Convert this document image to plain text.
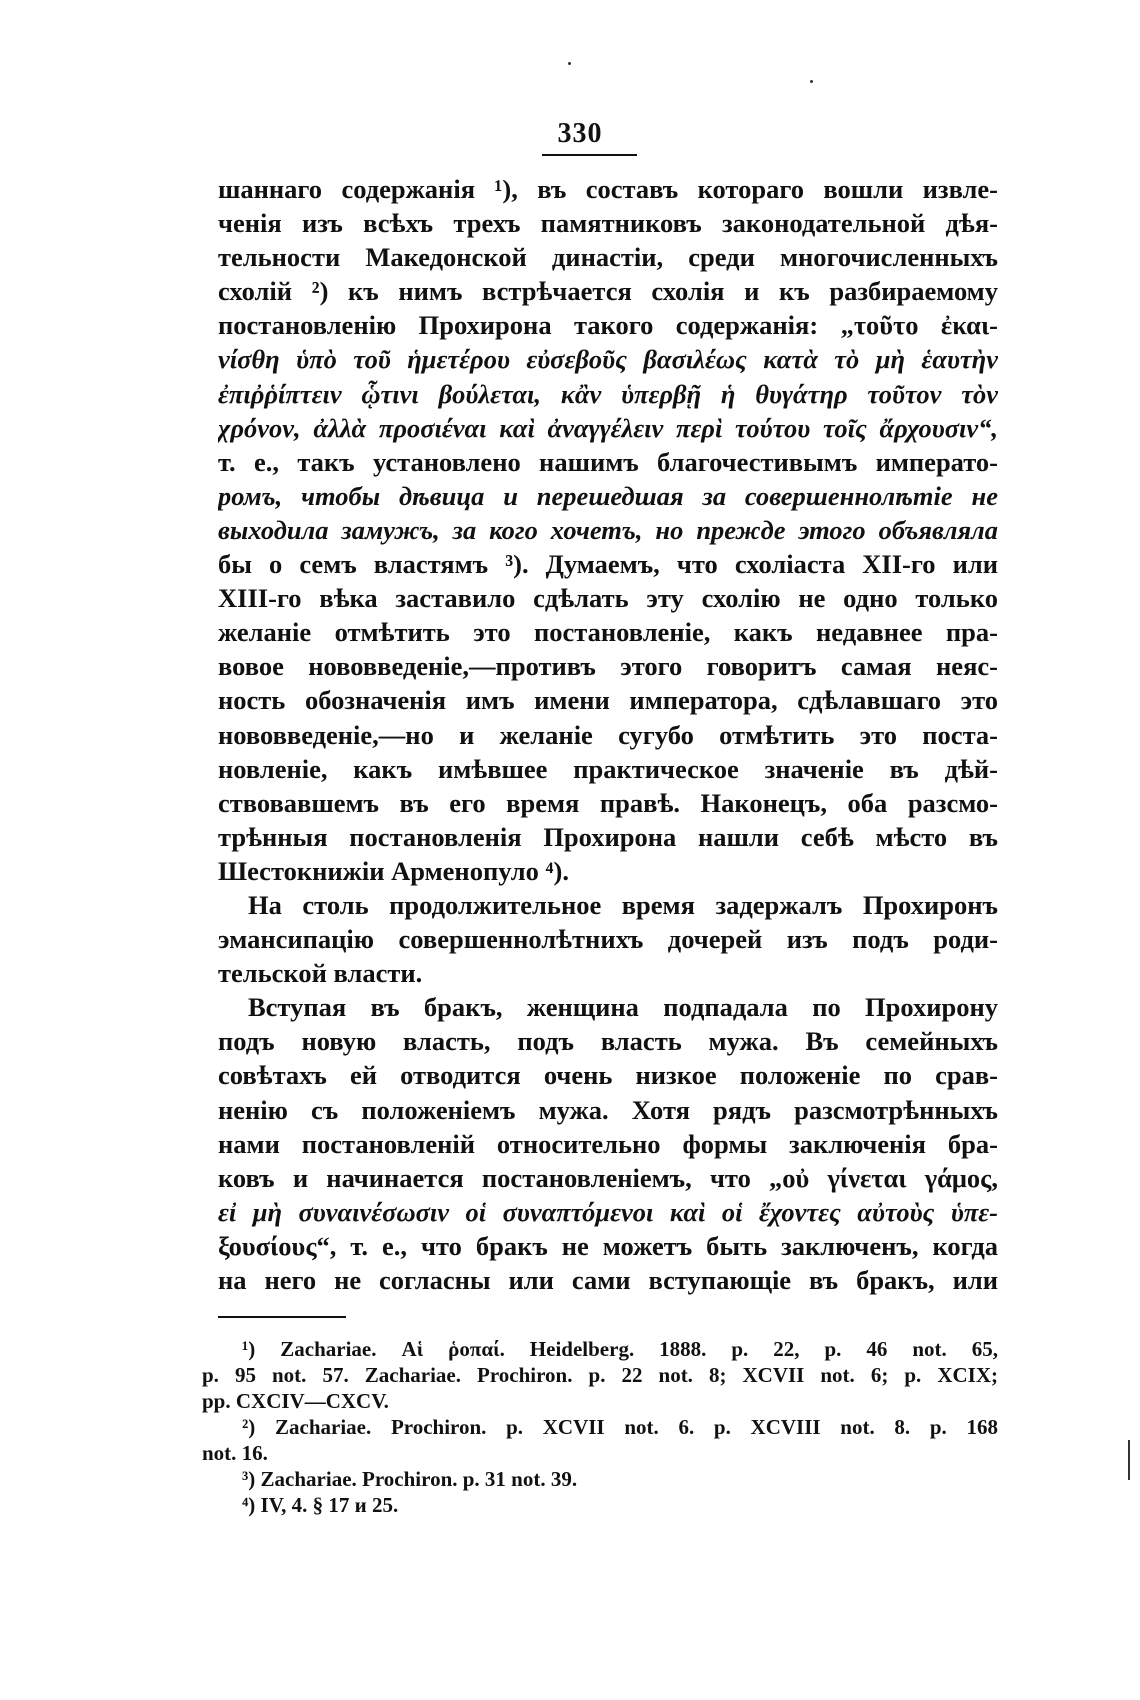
330
шаннаго содержанія ¹), въ составъ котораго вошли извле-
ченія изъ всѣхъ трехъ памятниковъ законодательной дѣя-
тельности Македонской династіи, среди многочисленныхъ
схолій ²) къ нимъ встрѣчается схолія и къ разбираемому
постановленію Прохирона такого содержанія: „τοῦτο ἐκαι-
νίσθη ὑπὸ τοῦ ἡμετέρου εὐσεβοῦς βασιλέως κατὰ τὸ μὴ ἑαυτὴν
ἐπιῤῥίπτειν ᾧτινι βούλεται, κἂν ὑπερβῇ ἡ θυγάτηρ τοῦτον τὸν
χρόνον, ἀλλὰ προσιέναι καὶ ἀναγγέλειν περὶ τούτου τοῖς ἄρχουσιν“,
т. е., такъ установлено нашимъ благочестивымъ императо-
ромъ, чтобы дѣвица и перешедшая за совершеннолѣтіе не
выходила замужъ, за кого хочетъ, но прежде этого объявляла
бы о семъ властямъ ³). Думаемъ, что схоліаста XII-го или
XIII-го вѣка заставило сдѣлать эту схолію не одно только
желаніе отмѣтить это постановленіе, какъ недавнее пра-
вовое нововведеніе,—противъ этого говоритъ самая неяс-
ность обозначенія имъ имени императора, сдѣлавшаго это
нововведеніе,—но и желаніе сугубо отмѣтить это поста-
новленіе, какъ имѣвшее практическое значеніе въ дѣй-
ствовавшемъ въ его время правѣ. Наконецъ, оба разсмо-
трѣнныя постановленія Прохирона нашли себѣ мѣсто въ
Шестокнижіи Арменопуло ⁴).
На столь продолжительное время задержалъ Прохиронъ
эмансипацію совершеннолѣтнихъ дочерей изъ подъ роди-
тельской власти.
Вступая въ бракъ, женщина подпадала по Прохирону
подъ новую власть, подъ власть мужа. Въ семейныхъ
совѣтахъ ей отводится очень низкое положеніе по срав-
ненію съ положеніемъ мужа. Хотя рядъ разсмотрѣнныхъ
нами постановленій относительно формы заключенія бра-
ковъ и начинается постановленіемъ, что „οὐ γίνεται γάμος,
εἰ μὴ συναινέσωσιν οἱ συναπτόμενοι καὶ οἱ ἔχοντες αὐτοὺς ὑπε-
ξουσίους“, т. е., что бракъ не можетъ быть заключенъ, когда
на него не согласны или сами вступающіе въ бракъ, или
¹) Zachariae. Αἱ ῥοπαί. Heidelberg. 1888. p. 22, p. 46 not. 65,
p. 95 not. 57. Zachariae. Prochiron. p. 22 not. 8; XCVII not. 6; p. XCIX;
pp. CXCIV—CXCV.
²) Zachariae. Prochiron. p. XCVII not. 6. p. XCVIII not. 8. p. 168
not. 16.
³) Zachariae. Prochiron. p. 31 not. 39.
⁴) IV, 4. § 17 и 25.
